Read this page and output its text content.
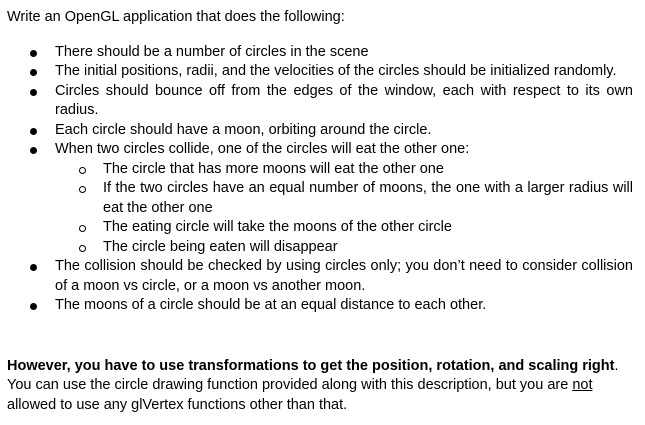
Write an OpenGL application that does the following:

There should be a number of circles in the scene
The initial positions, radii, and the velocities of the circles should be initialized randomly.
Circles should bounce off from the edges of the window, each with respect to its own radius.
Each circle should have a moon, orbiting around the circle.
When two circles collide, one of the circles will eat the other one:
The circle that has more moons will eat the other one
If the two circles have an equal number of moons, the one with a larger radius will eat the other one
The eating circle will take the moons of the other circle
The circle being eaten will disappear
The collision should be checked by using circles only; you don’t need to consider collision of a moon vs circle, or a moon vs another moon.
The moons of a circle should be at an equal distance to each other.

However, you have to use transformations to get the position, rotation, and scaling right. You can use the circle drawing function provided along with this description, but you are not allowed to use any glVertex functions other than that.
